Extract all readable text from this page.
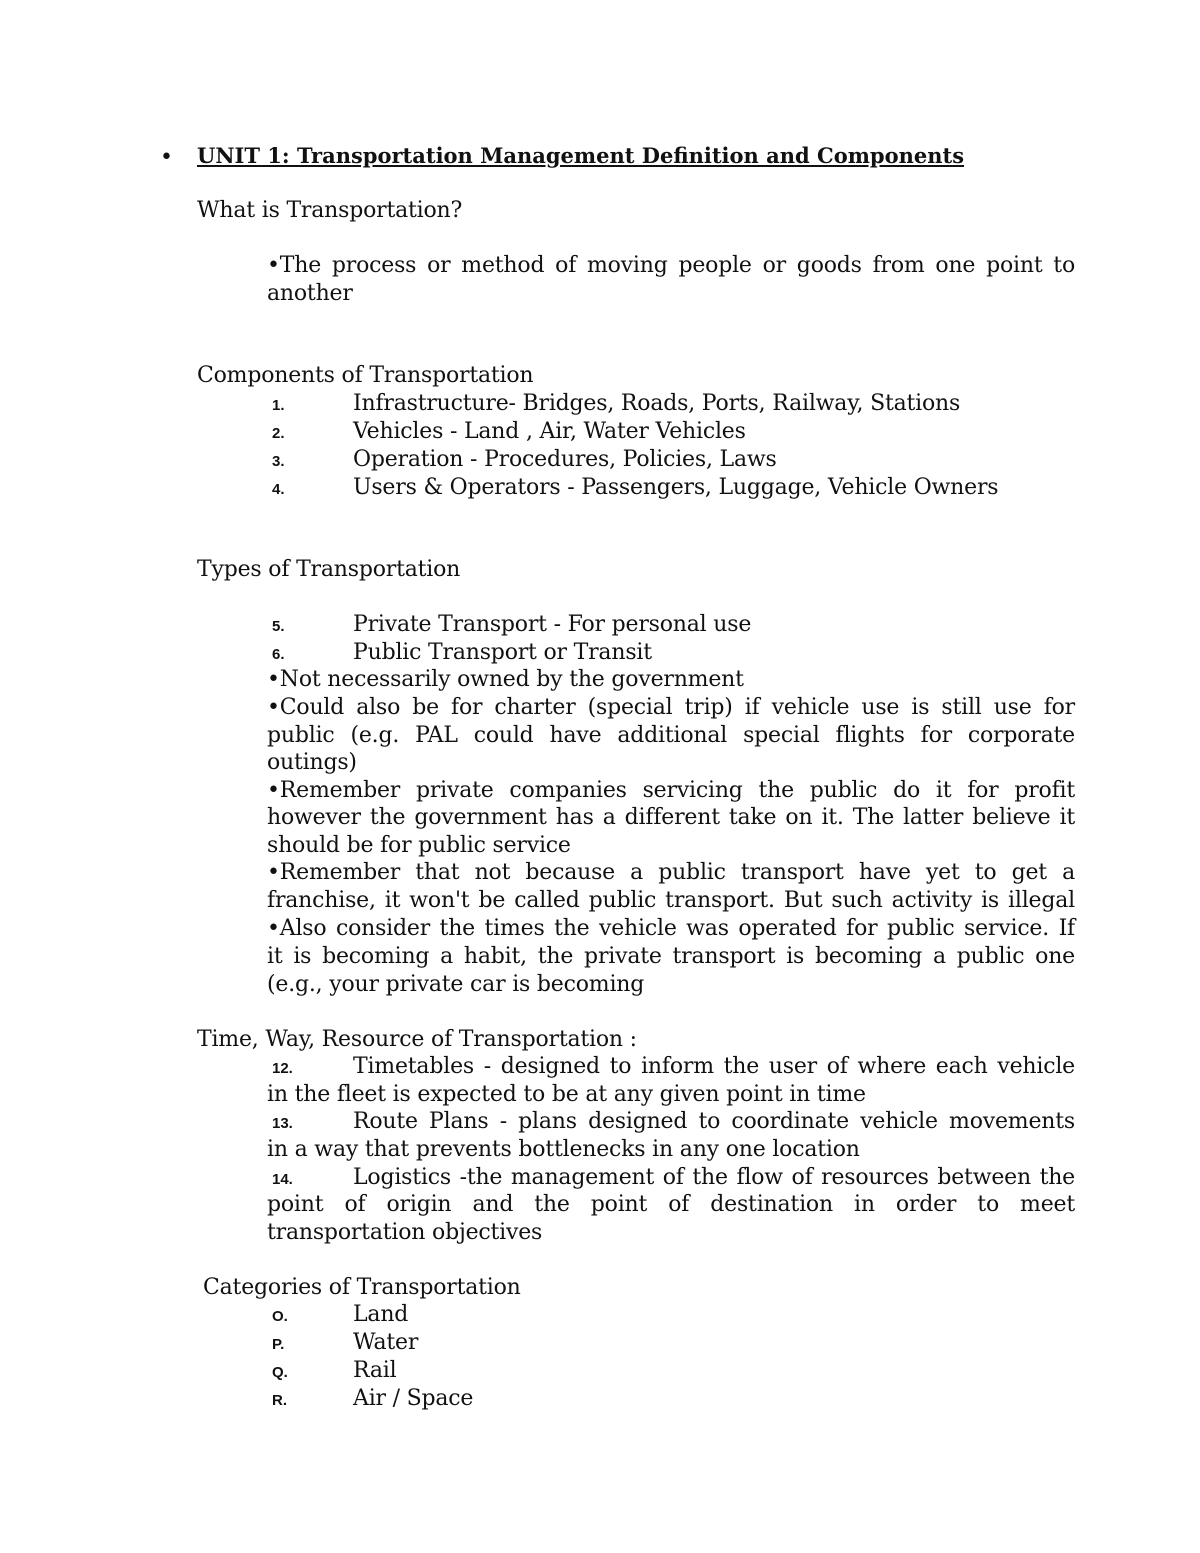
• UNIT 1: Transportation Management Definition and Components
What is Transportation?
•The process or method of moving people or goods from one point to
another
Components of Transportation
1.	Infrastructure- Bridges, Roads, Ports, Railway, Stations
2.	Vehicles - Land , Air, Water Vehicles
3.	Operation - Procedures, Policies, Laws
4.	Users & Operators - Passengers, Luggage, Vehicle Owners
Types of Transportation
5.	Private Transport - For personal use
6.	Public Transport or Transit
•Not necessarily owned by the government
•Could also be for charter (special trip) if vehicle use is still use for
public (e.g. PAL could have additional special flights for corporate
outings)
•Remember private companies servicing the public do it for profit
however the government has a different take on it. The latter believe it
should be for public service
•Remember that not because a public transport have yet to get a
franchise, it won't be called public transport. But such activity is illegal
•Also consider the times the vehicle was operated for public service. If
it is becoming a habit, the private transport is becoming a public one
(e.g., your private car is becoming
Time, Way, Resource of Transportation :
12.	Timetables - designed to inform the user of where each vehicle
in the fleet is expected to be at any given point in time
13.	Route Plans - plans designed to coordinate vehicle movements
in a way that prevents bottlenecks in any one location
14.	Logistics -the management of the flow of resources between the
point of origin and the point of destination in order to meet
transportation objectives
Categories of Transportation
O.	Land
P.	Water
Q.	Rail
R.	Air / Space
